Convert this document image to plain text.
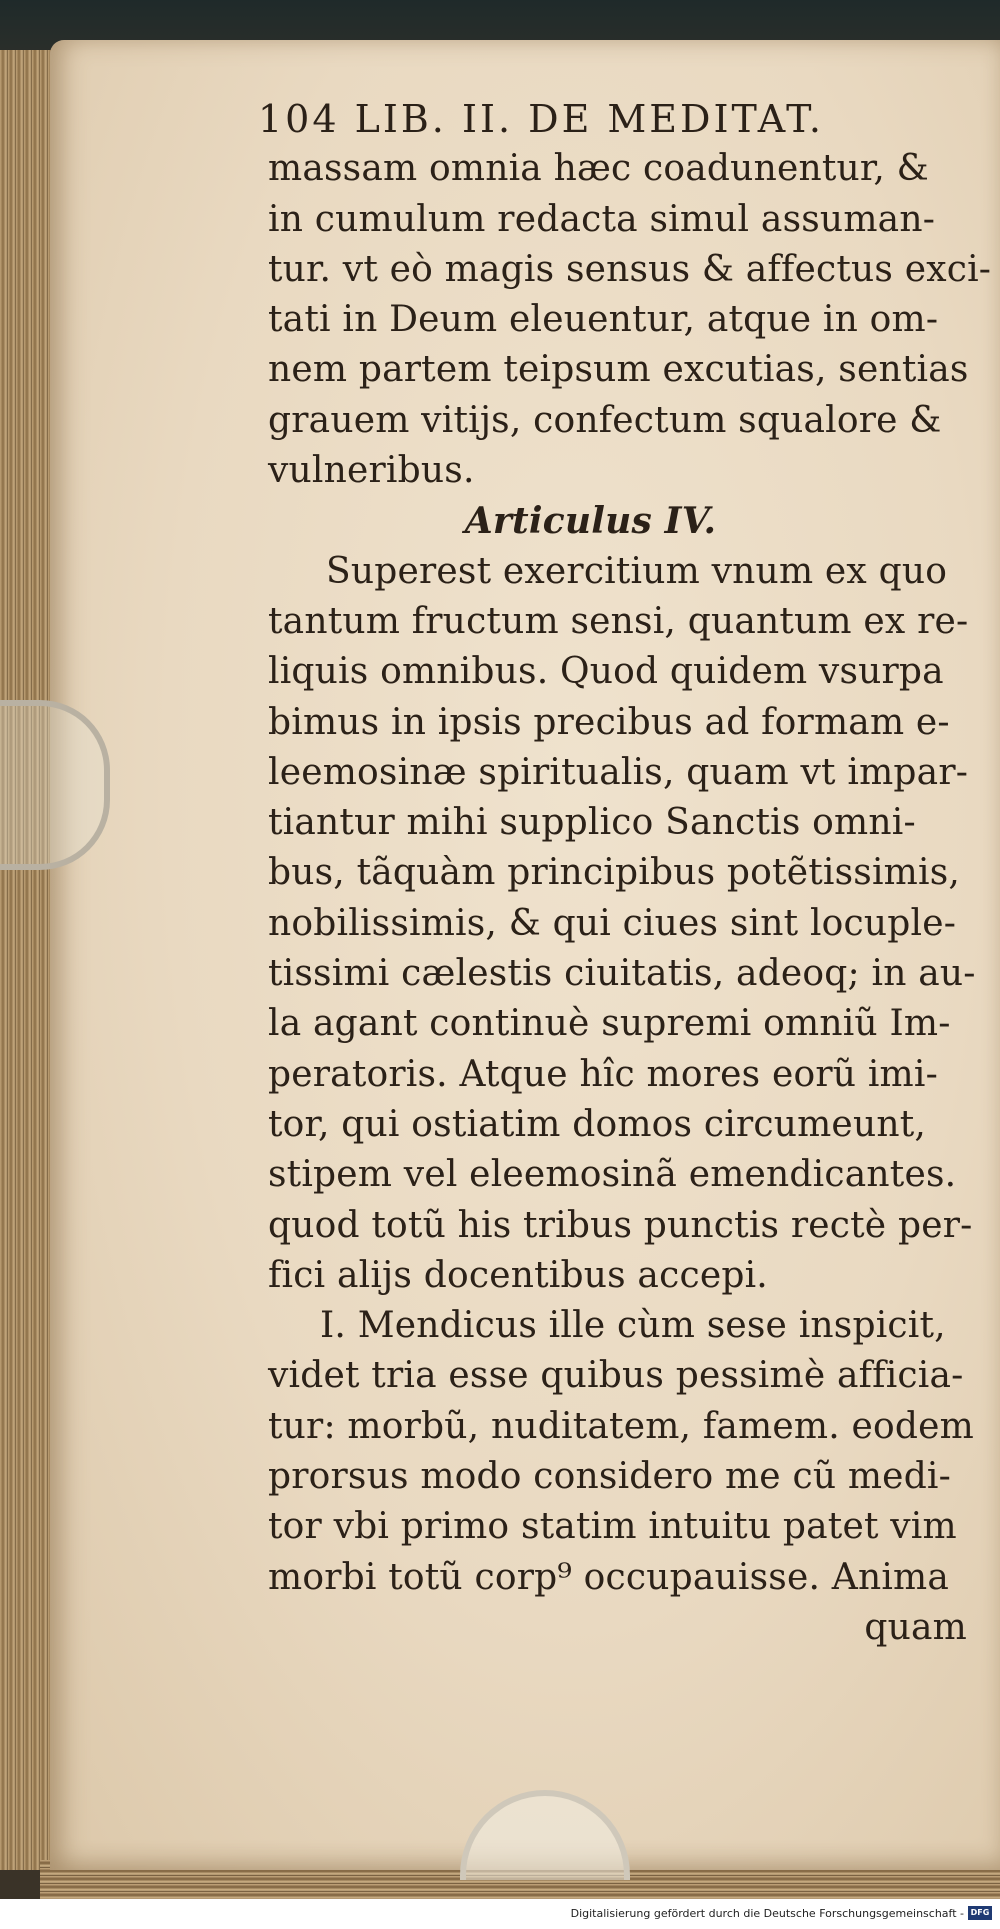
104 LIB. II. DE MEDITAT.
massam omnia hæc coadunentur, &
in cumulum redacta simul assuman-
tur. vt eò magis sensus & affectus exci-
tati in Deum eleuentur, atque in om-
nem partem teipsum excutias, sentias
grauem vitijs, confectum squalore &
vulneribus.
Articulus IV.
Superest exercitium vnum ex quo
tantum fructum sensi, quantum ex re-
liquis omnibus. Quod quidem vsurpa
bimus in ipsis precibus ad formam e-
leemosinæ spiritualis, quam vt impar-
tiantur mihi supplico Sanctis omni-
bus, tãquàm principibus potẽtissimis,
nobilissimis, & qui ciues sint locuple-
tissimi cælestis ciuitatis, adeoq; in au-
la agant continuè supremi omniũ Im-
peratoris. Atque hîc mores eorũ imi-
tor, qui ostiatim domos circumeunt,
stipem vel eleemosinã emendicantes.
quod totũ his tribus punctis rectè per-
fici alijs docentibus accepi.
I. Mendicus ille cùm sese inspicit,
videt tria esse quibus pessimè afficia-
tur: morbũ, nuditatem, famem. eodem
prorsus modo considero me cũ medi-
tor vbi primo statim intuitu patet vim
morbi totũ corp⁹ occupauisse. Anima
quam
Digitalisierung gefördert durch die Deutsche Forschungsgemeinschaft - DFG
